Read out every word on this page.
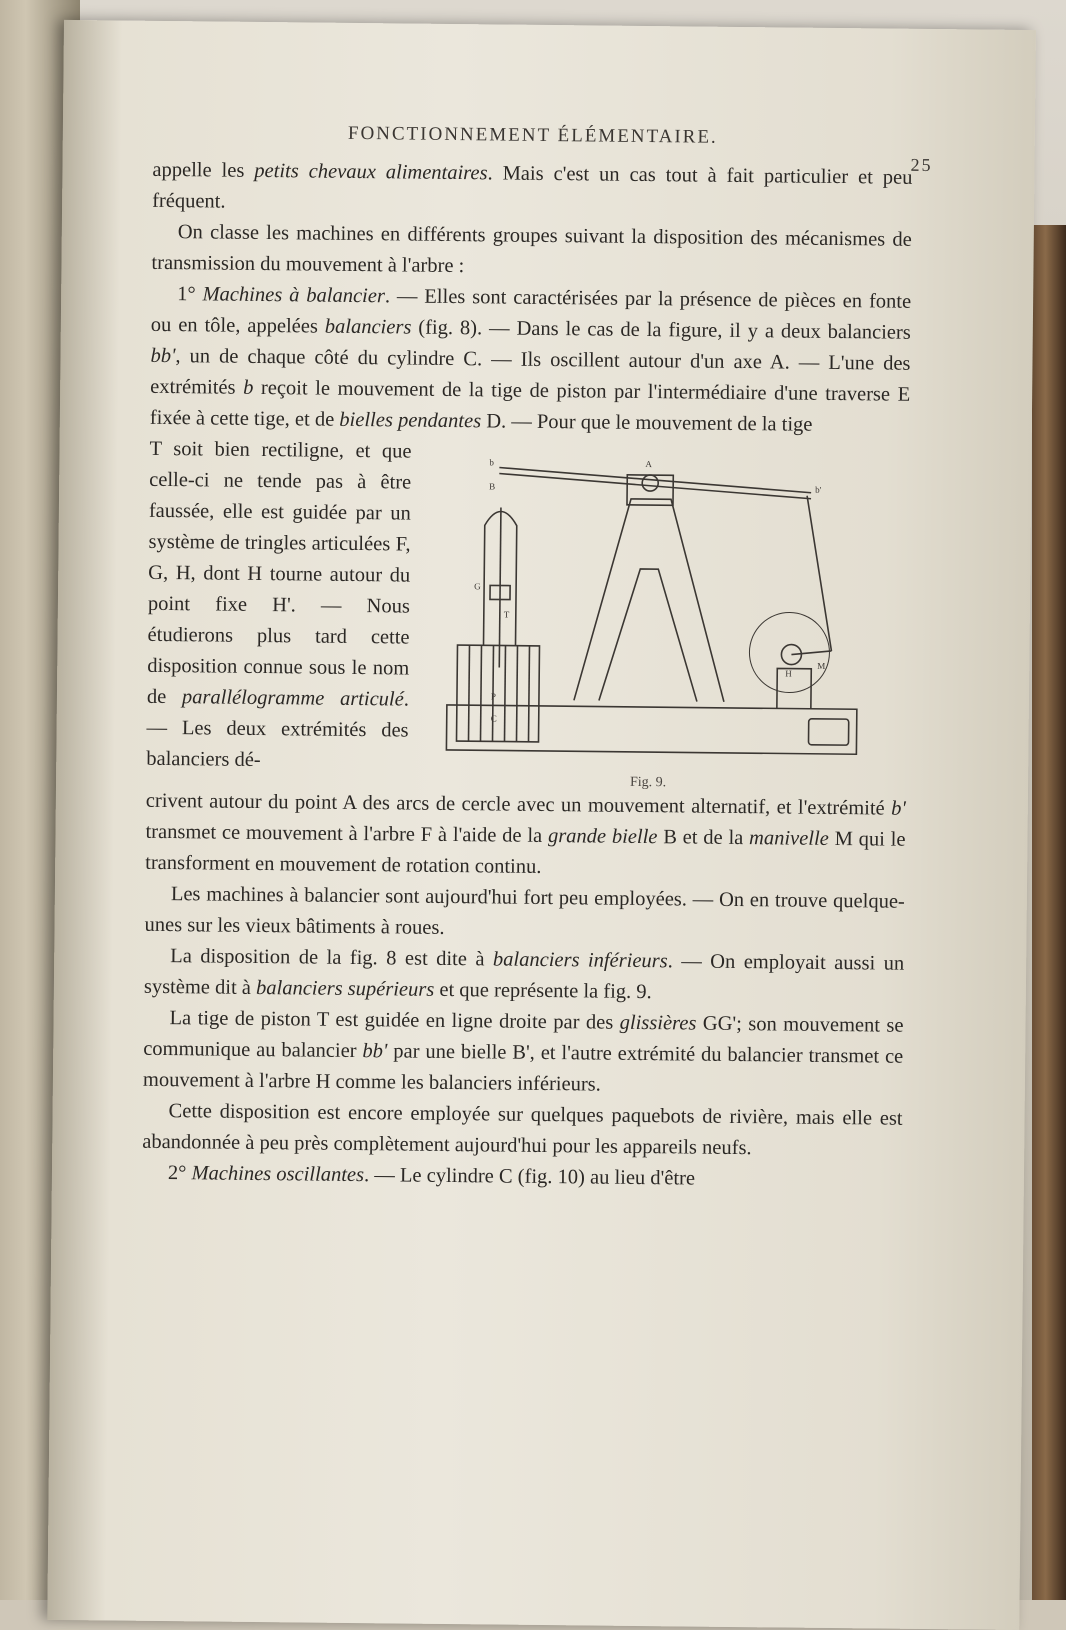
FONCTIONNEMENT ÉLÉMENTAIRE.
25

appelle les petits chevaux alimentaires. Mais c'est un cas tout à fait particulier et peu fréquent.

On classe les machines en différents groupes suivant la disposition des mécanismes de transmission du mouvement à l'arbre :

1° Machines à balancier. — Elles sont caractérisées par la présence de pièces en fonte ou en tôle, appelées balanciers (fig. 8). — Dans le cas de la figure, il y a deux balanciers bb', un de chaque côté du cylindre C. — Ils oscillent autour d'un axe A. — L'une des extrémités b reçoit le mouvement de la tige de piston par l'intermédiaire d'une traverse E fixée à cette tige, et de bielles pendantes D. — Pour que le mouvement de la tige

T soit bien rectiligne, et que celle-ci ne tende pas à être faussée, elle est guidée par un système de tringles articulées F, G, H, dont H tourne autour du point fixe H'. — Nous étudierons plus tard cette disposition connue sous le nom de parallélogramme articulé. — Les deux extrémités des balanciers dé-

A
b
B	b'
G
T
P
C
H
M
Fig. 9.

crivent autour du point A des arcs de cercle avec un mouvement alternatif, et l'extrémité b' transmet ce mouvement à l'arbre F à l'aide de la grande bielle B et de la manivelle M qui le transforment en mouvement de rotation continu.

Les machines à balancier sont aujourd'hui fort peu employées. — On en trouve quelque-unes sur les vieux bâtiments à roues.

La disposition de la fig. 8 est dite à balanciers inférieurs. — On employait aussi un système dit à balanciers supérieurs et que représente la fig. 9.

La tige de piston T est guidée en ligne droite par des glissières GG'; son mouvement se communique au balancier bb' par une bielle B', et l'autre extrémité du balancier transmet ce mouvement à l'arbre H comme les balanciers inférieurs.

Cette disposition est encore employée sur quelques paquebots de rivière, mais elle est abandonnée à peu près complètement aujourd'hui pour les appareils neufs.

2° Machines oscillantes. — Le cylindre C (fig. 10) au lieu d'être
